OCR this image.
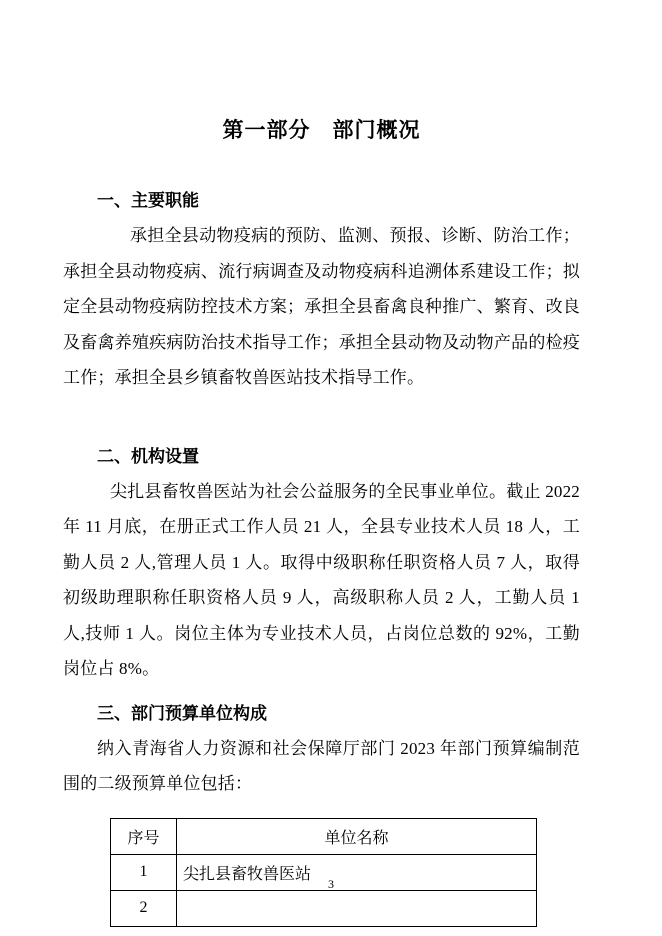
第一部分　部门概况
一、主要职能

承担全县动物疫病的预防、监测、预报、诊断、防治工作；承担全县动物疫病、流行病调查及动物疫病科追溯体系建设工作；拟定全县动物疫病防控技术方案；承担全县畜禽良种推广、繁育、改良及畜禽养殖疾病防治技术指导工作；承担全县动物及动物产品的检疫工作；承担全县乡镇畜牧兽医站技术指导工作。

二、机构设置

尖扎县畜牧兽医站为社会公益服务的全民事业单位。截止 2022 年 11 月底，在册正式工作人员 21 人，全县专业技术人员 18 人，工勤人员 2 人,管理人员 1 人。取得中级职称任职资格人员 7 人，取得初级助理职称任职资格人员 9 人，高级职称人员 2 人，工勤人员 1 人,技师 1 人。岗位主体为专业技术人员，占岗位总数的 92%，工勤岗位占 8%。

三、部门预算单位构成

纳入青海省人力资源和社会保障厅部门 2023 年部门预算编制范围的二级预算单位包括：

序号	单位名称
1	尖扎县畜牧兽医站
2	
3
